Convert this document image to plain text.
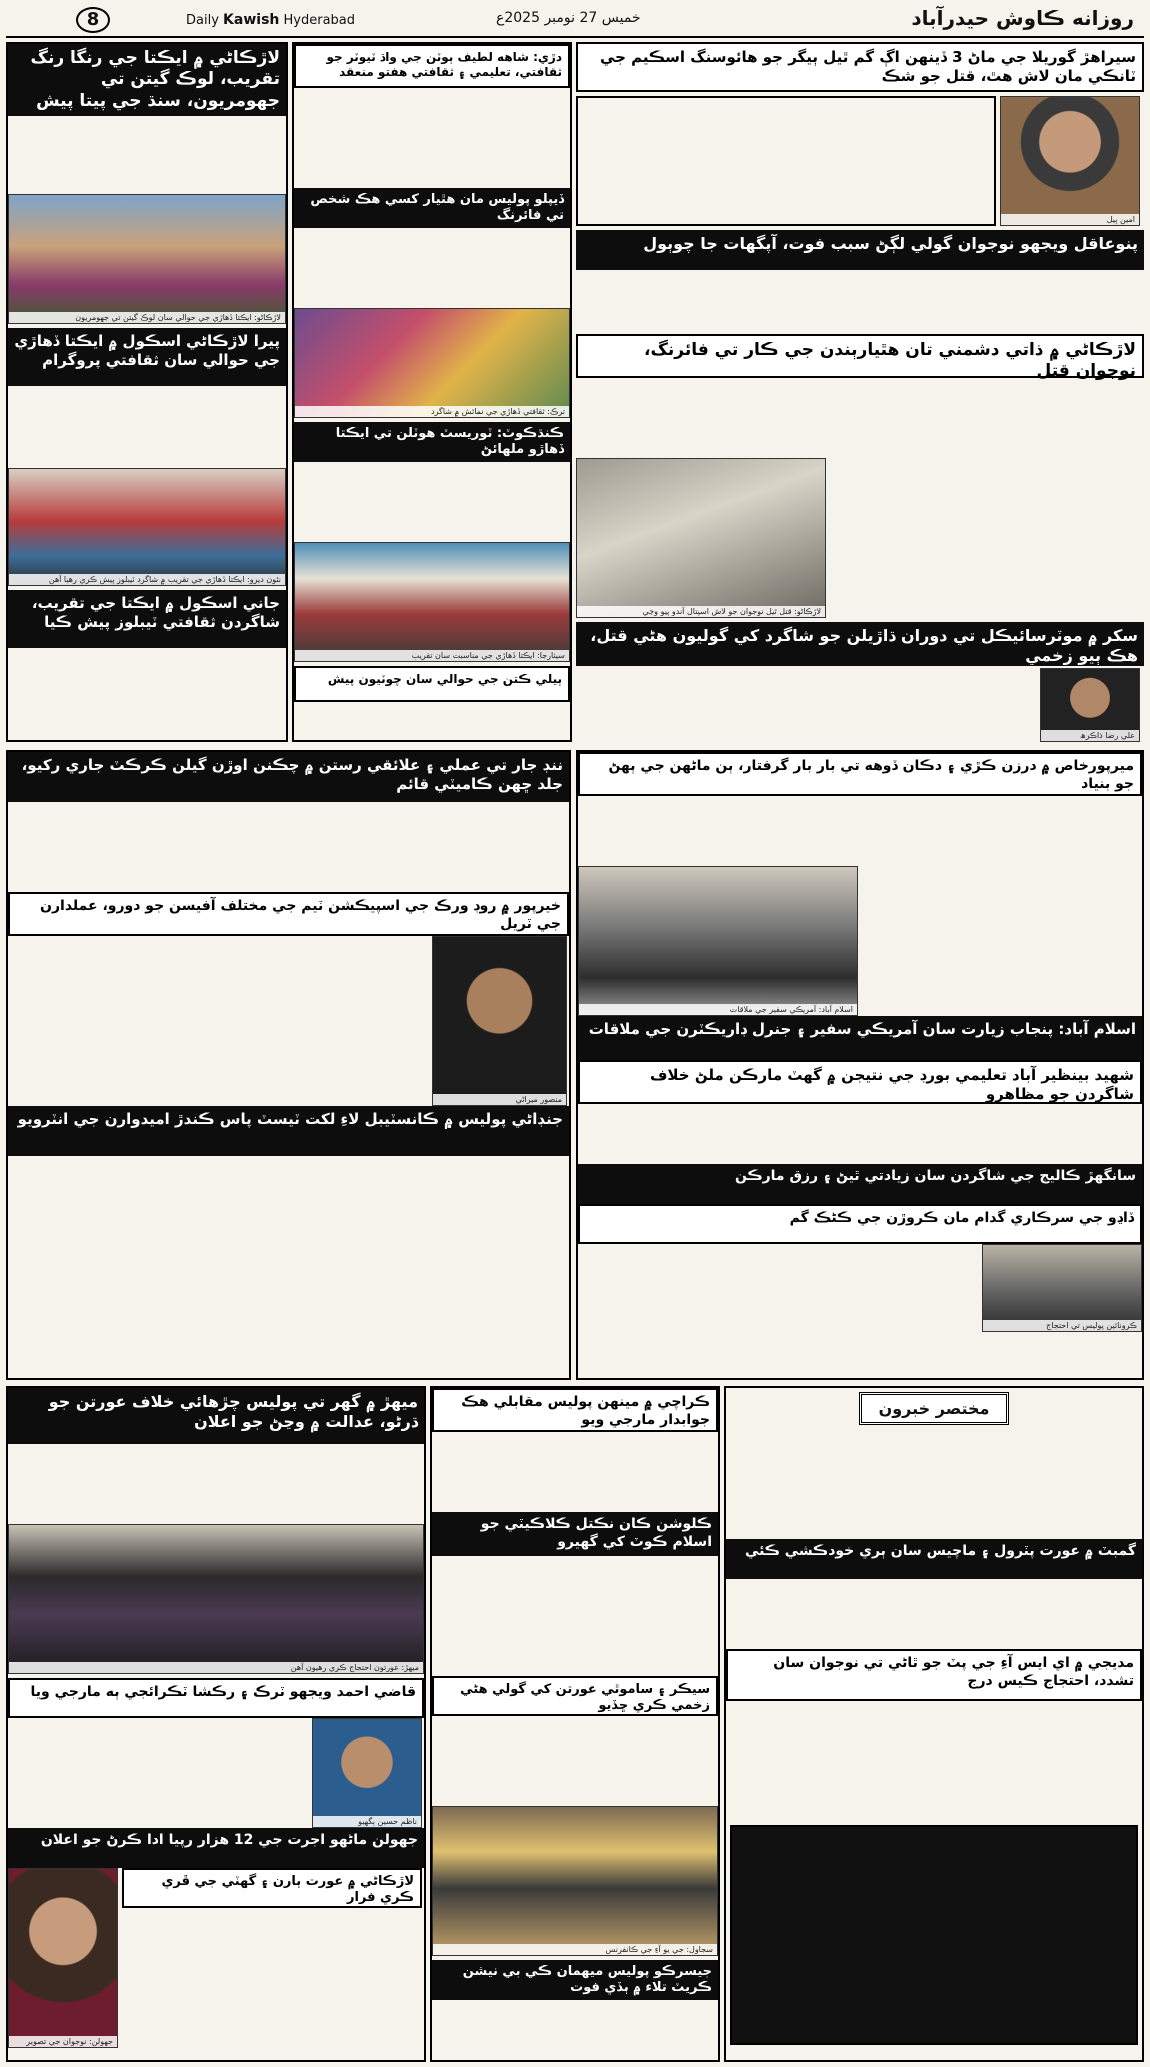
8	Daily Kawish Hyderabad	خميس 27 نومبر 2025ع	روزانه ڪاوش حيدرآباد
لاڙڪاڻي ۾ ايڪتا جي رنگا رنگ تقريب، لوڪ گيتن تي جهومريون، سنڌ جي پيتا پيش
لاڙڪاڻو: ايڪتا ڏهاڙي جي حوالي سان لوڪ گيتن تي جهومريون
پيرا لاڙڪاڻي اسڪول ۾ ايڪتا ڏهاڙي جي حوالي سان ثقافتي پروگرام
نئون ديرو: ايڪتا ڏهاڙي جي تقريب ۾ شاگرد ٽيبلوز پيش ڪري رهيا آهن
جاني اسڪول ۾ ايڪتا جي تقريب، شاگردن ثقافتي ٽيبلوز پيش ڪيا
دڙي: شاهه لطيف ٻوٽن جي واڌ ٽيوٽر جو ثقافتي، تعليمي ۽ ثقافتي هفتو منعقد
ڏيپلو پوليس مان هٿيار کسي هڪ شخص تي فائرنگ
ترڪ: ثقافتي ڏهاڙي جي نمائش ۾ شاگرد
ڪنڌڪوٽ: ٽوريسٽ هوٽلن تي ايڪتا ڏهاڙو ملهائڻ
سيٺارجا: ايڪتا ڏهاڙي جي مناسبت سان تقريب
ٻيلي ڪتن جي حوالي سان چوٽيون پيش
سيراهڙ گوريلا جي ماڻ 3 ڏينهن اڳ گم ٿيل ٻيگر جو هائوسنگ اسڪيم جي ٽانڪي مان لاش هٿ، قتل جو شڪ
امين پيل
پنوعاقل ويجهو نوجوان گولي لڳڻ سبب فوت، آپگهات جا چوٻول
لاڙڪاڻي ۾ ذاتي دشمني تان هٿيارٻندن جي ڪار تي فائرنگ، نوجوان قتل
لاڙڪاڻو: قتل ٿيل نوجوان جو لاش اسپتال آندو پيو وڃي
سکر ۾ موٽرسائيڪل تي دوران ڌاڙيلن جو شاگرد کي گوليون هڻي قتل، هڪ ٻيو زخمي
علي رضا ذاڪرھ
ننڊ جار تي عملي ۽ علائقي رستن ۾ چڪنن اوڙن گيلن ڪرڪٽ جاري رکيو، جلد ڇهن ڪاميٽي قائم
خيرپور ۾ روڊ ورڪ جي اسپيڪشن ٽيم جي مختلف آفيسن جو دورو، عملدارن جي ٽريل
منصور ميراڻي
جنڊاڻي پوليس ۾ ڪانسٽيبل لاءِ لکت ٽيسٽ پاس ڪندڙ اميدوارن جي انٽرويو
ميرپورخاص ۾ درزن ڪڙي ۽ دڪان ڏوهه تي بار بار گرفتار، ٻن ماڻهن جي ٻهڻ جو بنياد
اسلام آباد: آمريڪي سفير جي ملاقات
اسلام آباد: پنجاب زيارت سان آمريڪي سفير ۽ جنرل ڊاريڪٽرن جي ملاقات
شهيد بينظير آباد تعليمي بورڊ جي نتيجن ۾ گهٽ مارڪن ملڻ خلاف شاگردن جو مظاهرو
سانگهڙ ڪاليج جي شاگردن سان زيادتي ٿيڻ ۽ رزق مارڪن
ڏاڍو جي سرڪاري گدام مان ڪروڙن جي ڪڻڪ گم
ڪرونائين پوليس تي احتجاج
ميهڙ ۾ گهر تي پوليس چڙهائي خلاف عورتن جو ڌرڻو، عدالت ۾ وڃڻ جو اعلان
ميهڙ: عورتون احتجاج ڪري رهيون آهن
قاضي احمد ويجهو ٽرڪ ۽ رڪشا ٽڪرائجي ٻه مارجي ويا
ناظم حسين ٻگهيو
جهولن ماڻهو اجرت جي 12 هزار رپيا ادا ڪرڻ جو اعلان
جهولن: نوجوان جي تصوير
لاڙڪاڻي ۾ عورت ٻارن ۽ گهٽي جي ڦري ڪري فرار
ڪراچي ۾ مينهن پوليس مقابلي هڪ جوابدار مارجي ويو
ڪلوشن ڪان نڪتل ڪلاڪيٽي جو اسلام ڪوٽ کي گهيرو
سيڪر ۽ ساموٿي عورتن کي گولي هڻي زخمي ڪري ڇڏيو
سجاول: جي يو آءِ جي ڪانفرنس
جيسرڪو پوليس ميهمان ڪي بي نيشن ڪريٽ تلاء ۾ ٻڏي فوت
مختصر خبرون
گمبٽ ۾ عورت پٽرول ۽ ماچيس سان ٻري خودڪشي ڪئي
مديجي ۾ اي ايس آءِ جي پٽ جو ٿاڻي تي نوجوان سان تشدد، احتجاج ڪيس درج
